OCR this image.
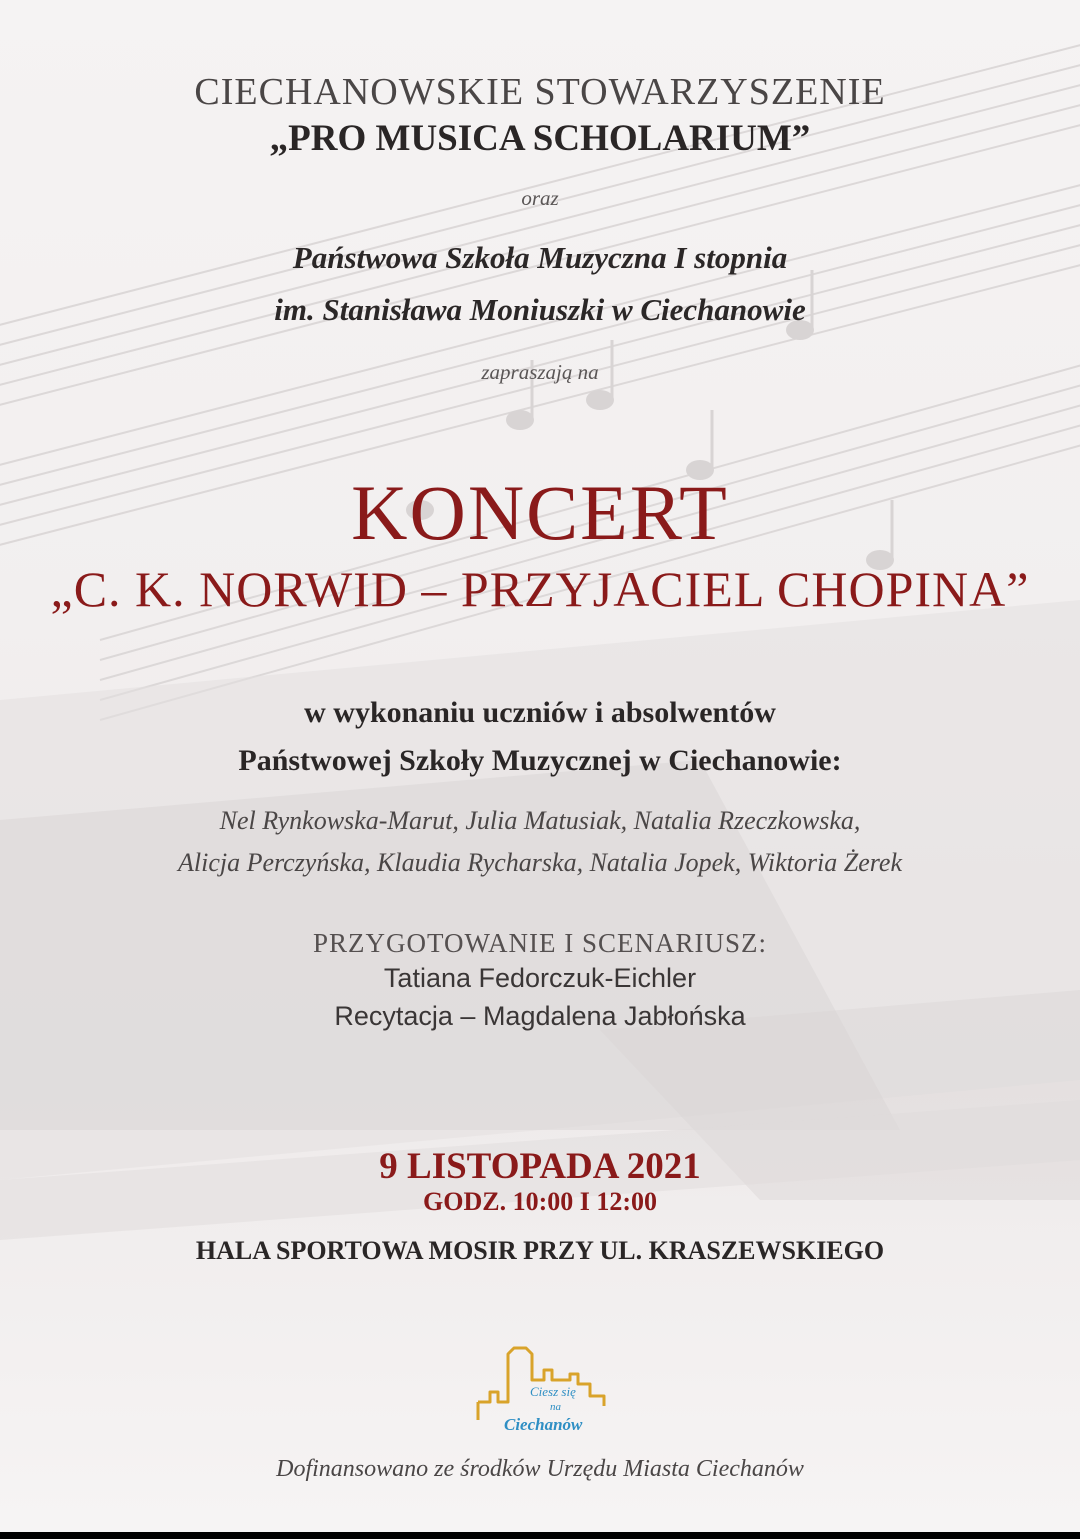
CIECHANOWSKIE STOWARZYSZENIE

„PRO MUSICA SCHOLARIUM”

oraz

Państwowa Szkoła Muzyczna I stopnia

im. Stanisława Moniuszki w Ciechanowie

zapraszają na

KONCERT

„C. K. NORWID – PRZYJACIEL CHOPINA”

w wykonaniu uczniów i absolwentów

Państwowej Szkoły Muzycznej w Ciechanowie:

Nel Rynkowska-Marut, Julia Matusiak, Natalia Rzeczkowska,

Alicja Perczyńska, Klaudia Rycharska, Natalia Jopek, Wiktoria Żerek

PRZYGOTOWANIE I SCENARIUSZ:

Tatiana Fedorczuk-Eichler

Recytacja – Magdalena Jabłońska

9 LISTOPADA 2021

GODZ. 10:00 I 12:00

HALA SPORTOWA MOSIR PRZY UL. KRASZEWSKIEGO

Ciesz się
na
Ciechanów

Dofinansowano ze środków Urzędu Miasta Ciechanów
